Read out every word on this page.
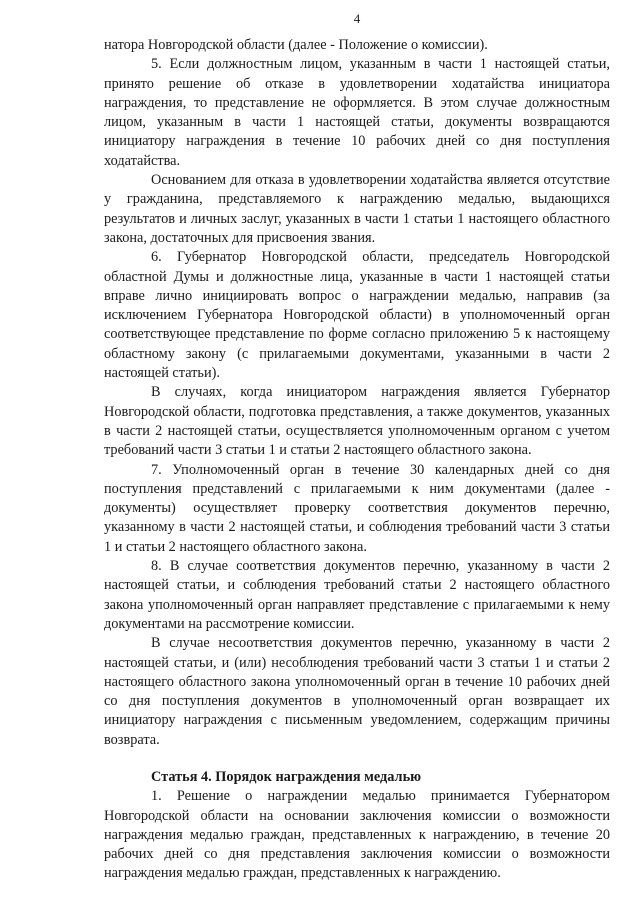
4

натора Новгородской области (далее - Положение о комиссии).

5. Если должностным лицом, указанным в части 1 настоящей статьи, принято решение об отказе в удовлетворении ходатайства инициатора награждения, то представление не оформляется. В этом случае должностным лицом, указанным в части 1 настоящей статьи, документы возвращаются инициатору награждения в течение 10 рабочих дней со дня поступления ходатайства.

Основанием для отказа в удовлетворении ходатайства является отсутствие у гражданина, представляемого к награждению медалью, выдающихся результатов и личных заслуг, указанных в части 1 статьи 1 настоящего областного закона, достаточных для присвоения звания.

6. Губернатор Новгородской области, председатель Новгородской областной Думы и должностные лица, указанные в части 1 настоящей статьи вправе лично инициировать вопрос о награждении медалью, направив (за исключением Губернатора Новгородской области) в уполномоченный орган соответствующее представление по форме согласно приложению 5 к настоящему областному закону (с прилагаемыми документами, указанными в части 2 настоящей статьи).

В случаях, когда инициатором награждения является Губернатор Новгородской области, подготовка представления, а также документов, указанных в части 2 настоящей статьи, осуществляется уполномоченным органом с учетом требований части 3 статьи 1 и статьи 2 настоящего областного закона.

7. Уполномоченный орган в течение 30 календарных дней со дня поступления представлений с прилагаемыми к ним документами (далее - документы) осуществляет проверку соответствия документов перечню, указанному в части 2 настоящей статьи, и соблюдения требований части 3 статьи 1 и статьи 2 настоящего областного закона.

8. В случае соответствия документов перечню, указанному в части 2 настоящей статьи, и соблюдения требований статьи 2 настоящего областного закона уполномоченный орган направляет представление с прилагаемыми к нему документами на рассмотрение комиссии.

В случае несоответствия документов перечню, указанному в части 2 настоящей статьи, и (или) несоблюдения требований части 3 статьи 1 и статьи 2 настоящего областного закона уполномоченный орган в течение 10 рабочих дней со дня поступления документов в уполномоченный орган возвращает их инициатору награждения с письменным уведомлением, содержащим причины возврата.

Статья 4. Порядок награждения медалью

1. Решение о награждении медалью принимается Губернатором Новгородской области на основании заключения комиссии о возможности награждения медалью граждан, представленных к награждению, в течение 20 рабочих дней со дня представления заключения комиссии о возможности награждения медалью граждан, представленных к награждению.
